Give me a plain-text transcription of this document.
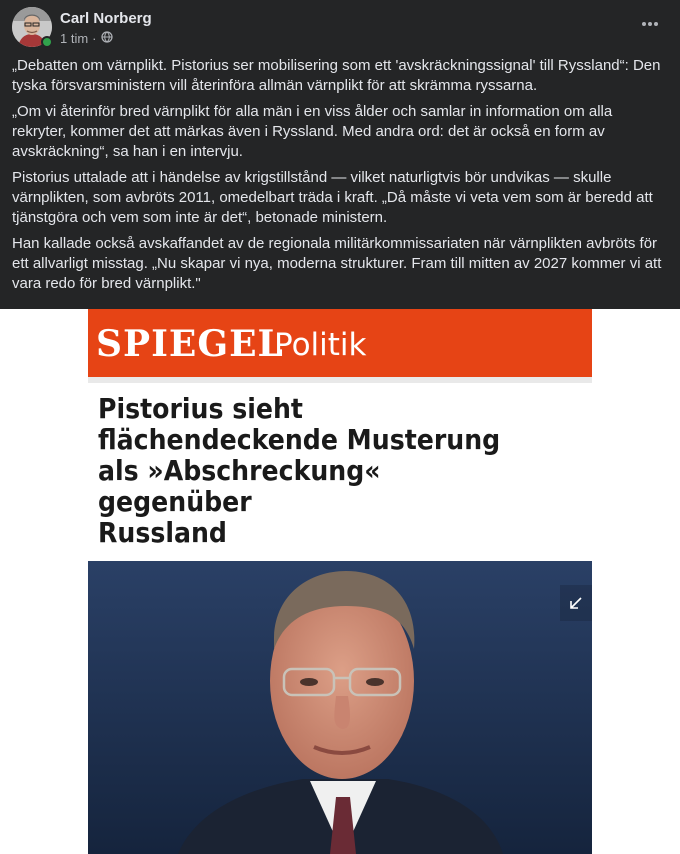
Carl Norberg
1 tim ·

„Debatten om värnplikt. Pistorius ser mobilisering som ett 'avskräckningssignal' till Ryssland“: Den tyska försvarsministern vill återinföra allmän värnplikt för att skrämma ryssarna.

„Om vi återinför bred värnplikt för alla män i en viss ålder och samlar in information om alla rekryter, kommer det att märkas även i Ryssland. Med andra ord: det är också en form av avskräckning“, sa han i en intervju.

Pistorius uttalade att i händelse av krigstillstånd — vilket naturligtvis bör undvikas — skulle värnplikten, som avbröts 2011, omedelbart träda i kraft. „Då måste vi veta vem som är beredd att tjänstgöra och vem som inte är det“, betonade ministern.

Han kallade också avskaffandet av de regionala militärkommissariaten när värnplikten avbröts för ett allvarligt misstag. „Nu skapar vi nya, moderna strukturer. Fram till mitten av 2027 kommer vi att vara redo för bred värnplikt."

SPIEGEL
Politik
Pistorius sieht
flächendeckende Musterung
als »Abschreckung« gegenüber
Russland
